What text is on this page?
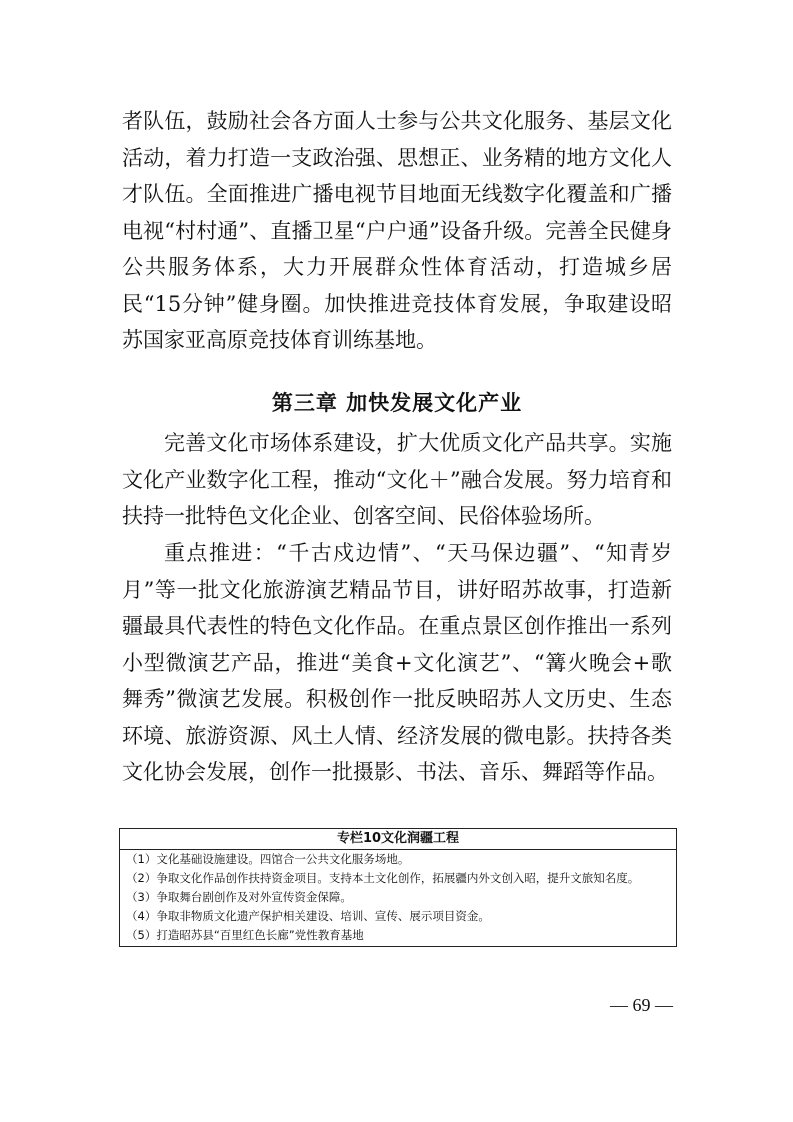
者队伍，鼓励社会各方面人士参与公共文化服务、基层文化活动，着力打造一支政治强、思想正、业务精的地方文化人才队伍。全面推进广播电视节目地面无线数字化覆盖和广播电视“村村通”、直播卫星“户户通”设备升级。完善全民健身公共服务体系，大力开展群众性体育活动，打造城乡居民“15分钟”健身圈。加快推进竞技体育发展，争取建设昭苏国家亚高原竞技体育训练基地。

第三章 加快发展文化产业

完善文化市场体系建设，扩大优质文化产品共享。实施文化产业数字化工程，推动“文化＋”融合发展。努力培育和扶持一批特色文化企业、创客空间、民俗体验场所。

重点推进：“千古戍边情”、“天马保边疆”、“知青岁月”等一批文化旅游演艺精品节目，讲好昭苏故事，打造新疆最具代表性的特色文化作品。在重点景区创作推出一系列小型微演艺产品，推进“美食+文化演艺”、“篝火晚会+歌舞秀”微演艺发展。积极创作一批反映昭苏人文历史、生态环境、旅游资源、风土人情、经济发展的微电影。扶持各类文化协会发展，创作一批摄影、书法、音乐、舞蹈等作品。

专栏10文化润疆工程
（1）文化基础设施建设。四馆合一公共文化服务场地。
（2）争取文化作品创作扶持资金项目。支持本土文化创作，拓展疆内外文创入昭，提升文旅知名度。
（3）争取舞台剧创作及对外宣传资金保障。
（4）争取非物质文化遗产保护相关建设、培训、宣传、展示项目资金。
（5）打造昭苏县“百里红色长廊”党性教育基地
— 69 —
